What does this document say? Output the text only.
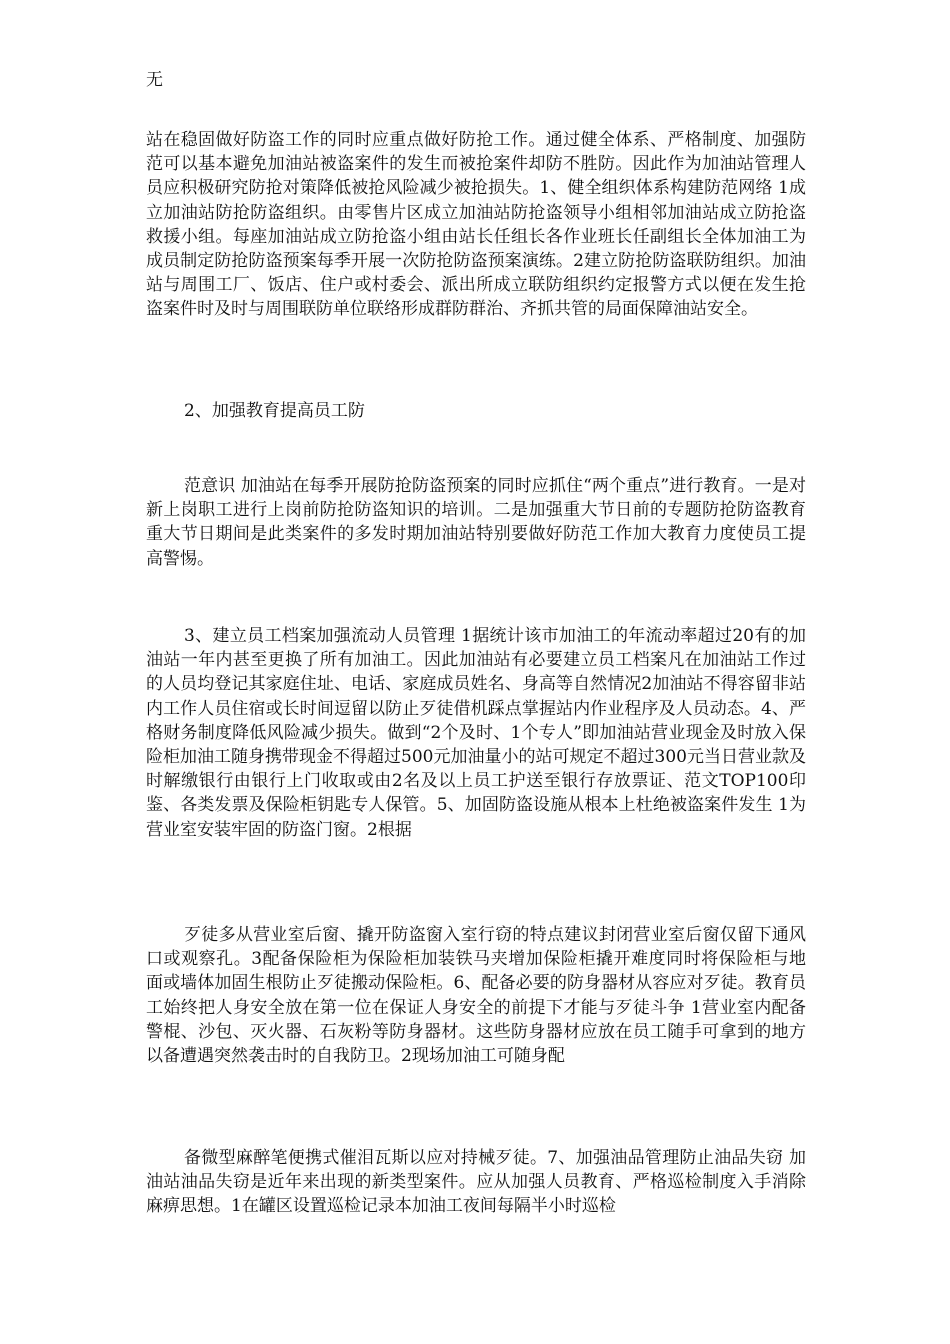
无

站在稳固做好防盗工作的同时应重点做好防抢工作。通过健全体系、严格制度、加强防范可以基本避免加油站被盗案件的发生而被抢案件却防不胜防。因此作为加油站管理人员应积极研究防抢对策降低被抢风险减少被抢损失。1、健全组织体系构建防范网络 1成立加油站防抢防盗组织。由零售片区成立加油站防抢盗领导小组相邻加油站成立防抢盗救援小组。每座加油站成立防抢盗小组由站长任组长各作业班长任副组长全体加油工为成员制定防抢防盗预案每季开展一次防抢防盗预案演练。2建立防抢防盗联防组织。加油站与周围工厂、饭店、住户或村委会、派出所成立联防组织约定报警方式以便在发生抢盗案件时及时与周围联防单位联络形成群防群治、齐抓共管的局面保障油站安全。

2、加强教育提高员工防

范意识 加油站在每季开展防抢防盗预案的同时应抓住“两个重点”进行教育。一是对新上岗职工进行上岗前防抢防盗知识的培训。二是加强重大节日前的专题防抢防盗教育重大节日期间是此类案件的多发时期加油站特别要做好防范工作加大教育力度使员工提高警惕。

3、建立员工档案加强流动人员管理 1据统计该市加油工的年流动率超过20有的加油站一年内甚至更换了所有加油工。因此加油站有必要建立员工档案凡在加油站工作过的人员均登记其家庭住址、电话、家庭成员姓名、身高等自然情况2加油站不得容留非站内工作人员住宿或长时间逗留以防止歹徒借机踩点掌握站内作业程序及人员动态。4、严格财务制度降低风险减少损失。做到“2个及时、1个专人”即加油站营业现金及时放入保险柜加油工随身携带现金不得超过500元加油量小的站可规定不超过300元当日营业款及时解缴银行由银行上门收取或由2名及以上员工护送至银行存放票证、范文TOP100印鉴、各类发票及保险柜钥匙专人保管。5、加固防盗设施从根本上杜绝被盗案件发生 1为营业室安装牢固的防盗门窗。2根据

歹徒多从营业室后窗、撬开防盗窗入室行窃的特点建议封闭营业室后窗仅留下通风口或观察孔。3配备保险柜为保险柜加装铁马夹增加保险柜撬开难度同时将保险柜与地 面或墙体加固生根防止歹徒搬动保险柜。6、配备必要的防身器材从容应对歹徒。教育员工始终把人身安全放在第一位在保证人身安全的前提下才能与歹徒斗争 1营业室内配备警棍、沙包、灭火器、石灰粉等防身器材。这些防身器材应放在员工随手可拿到的地方以备遭遇突然袭击时的自我防卫。2现场加油工可随身配

备微型麻醉笔便携式催泪瓦斯以应对持械歹徒。7、加强油品管理防止油品失窃 加油站油品失窃是近年来出现的新类型案件。应从加强人员教育、严格巡检制度入手消除麻痹思想。1在罐区设置巡检记录本加油工夜间每隔半小时巡检
